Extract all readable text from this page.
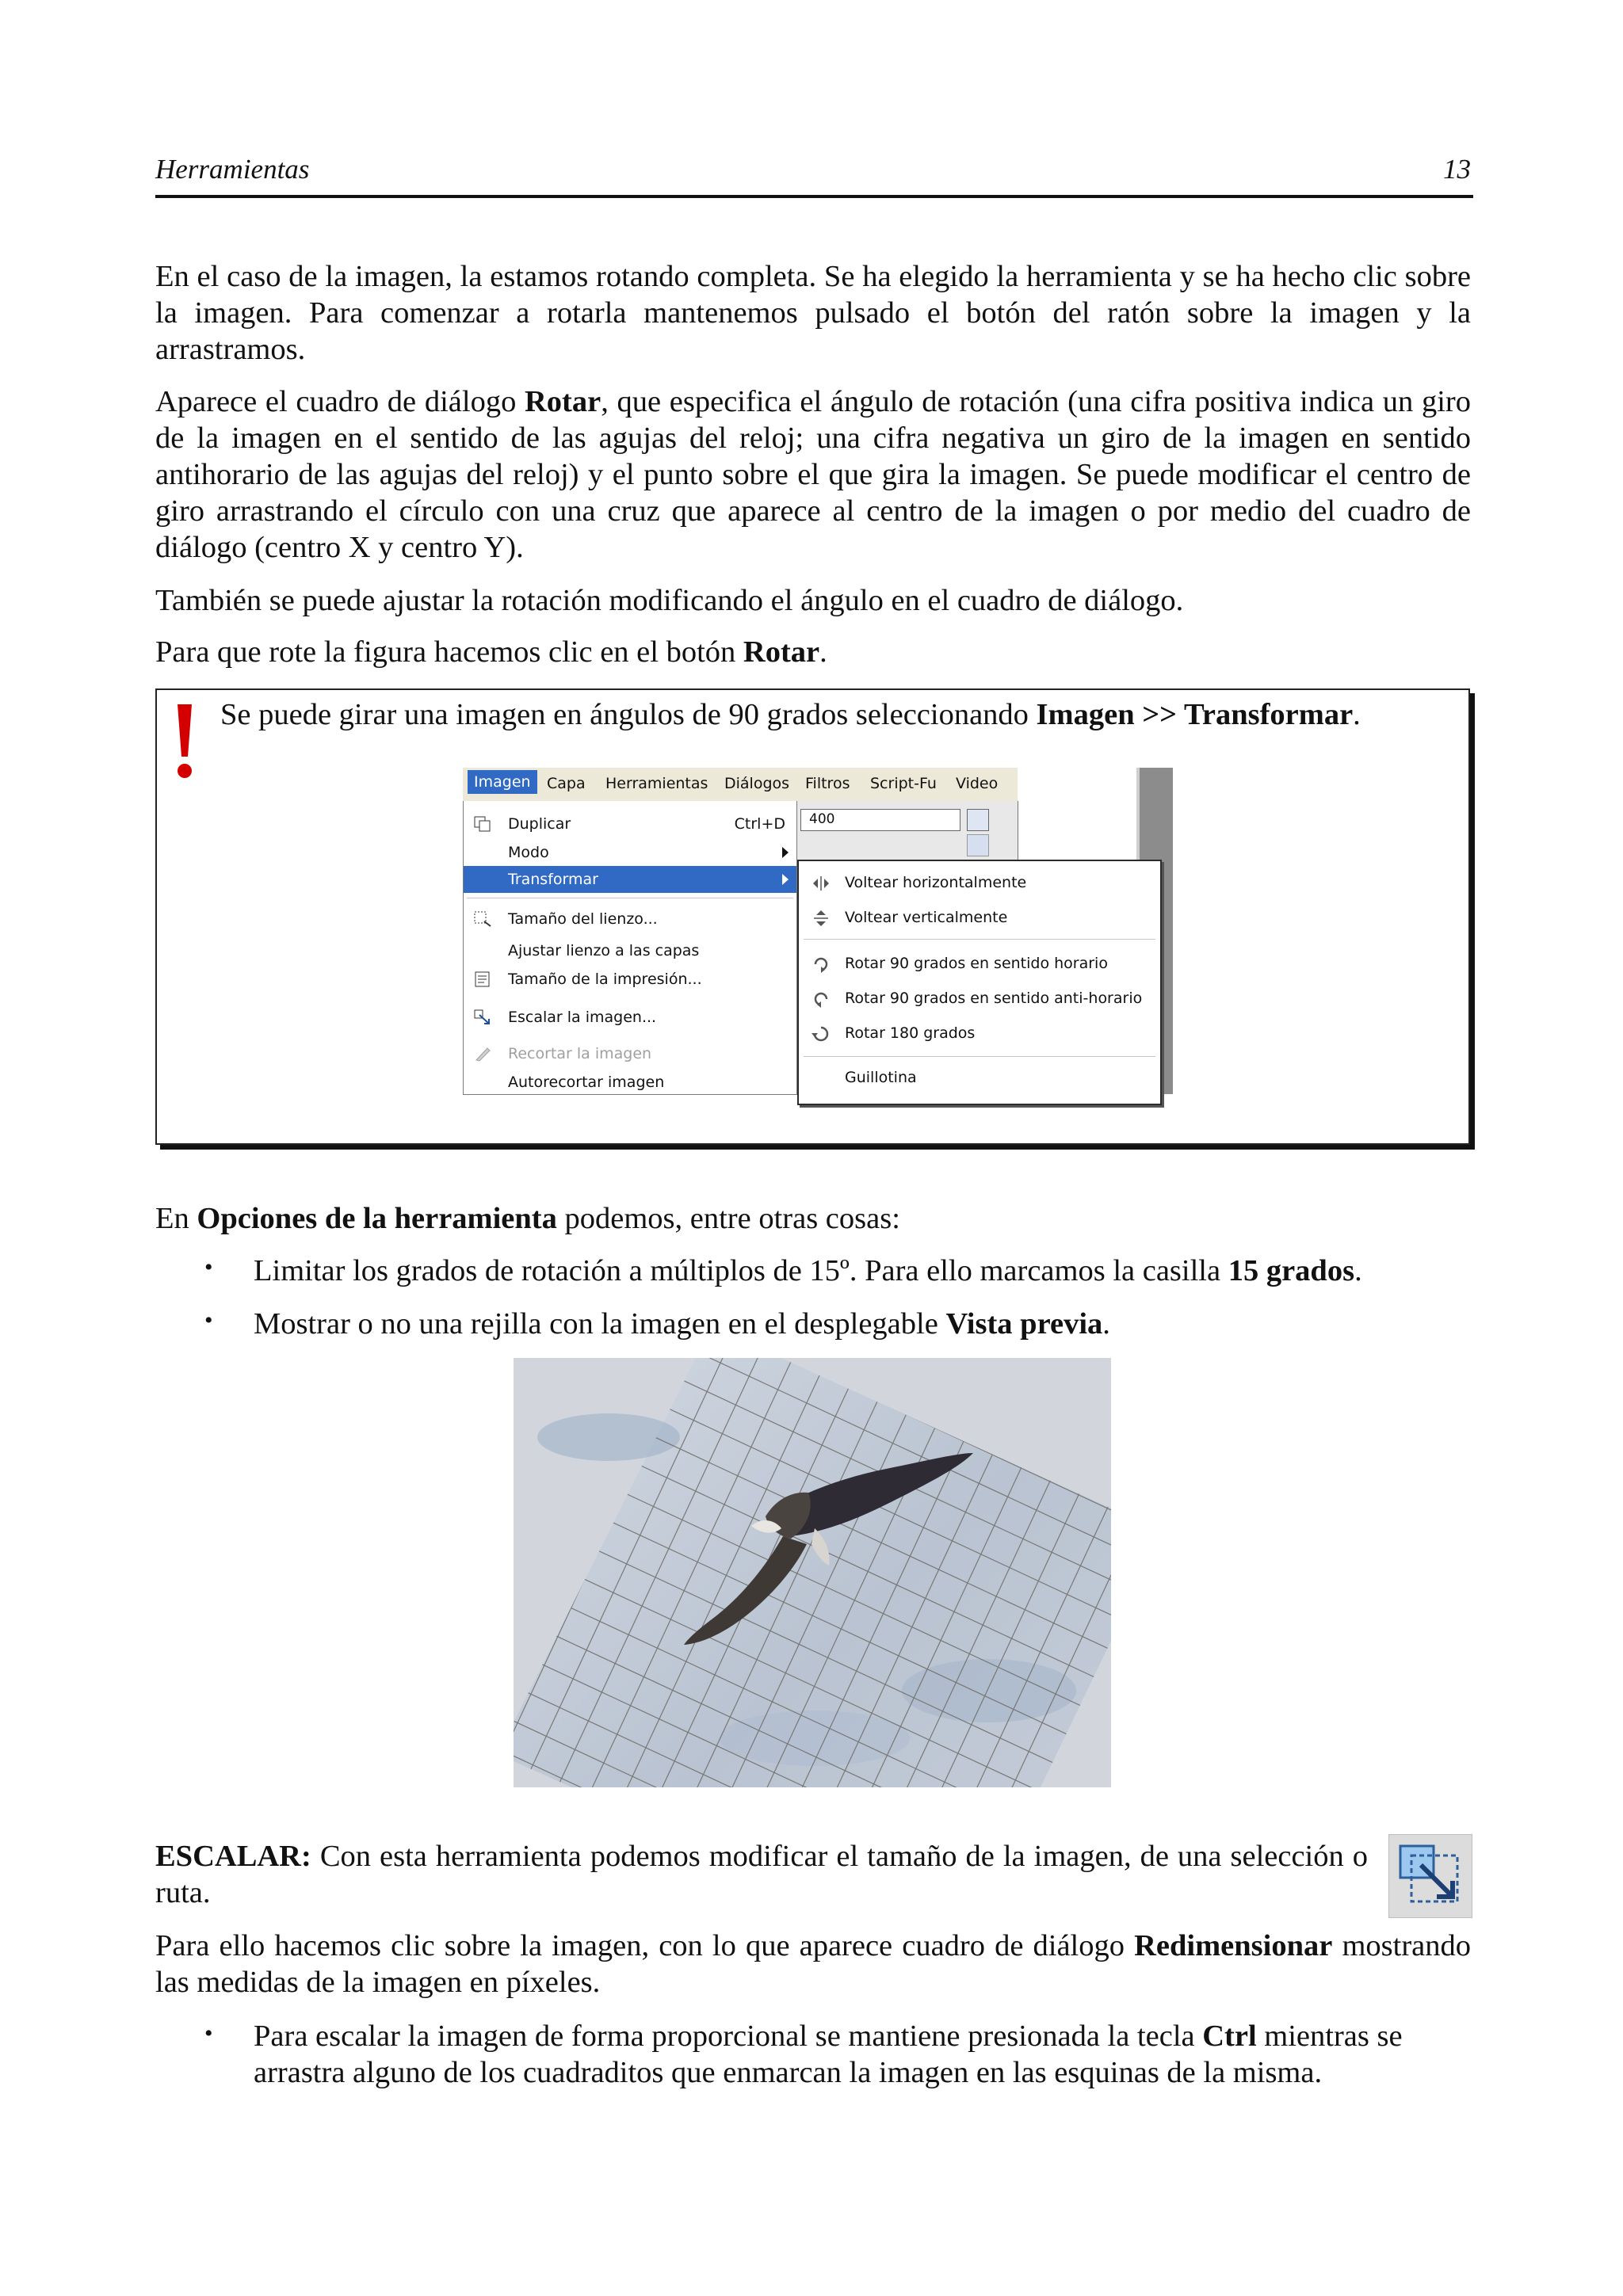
Herramientas	13
En el caso de la imagen, la estamos rotando completa. Se ha elegido la herramienta y se ha hecho clic sobre la imagen. Para comenzar a rotarla mantenemos pulsado el botón del ratón sobre la imagen y la arrastramos.
Aparece el cuadro de diálogo Rotar, que especifica el ángulo de rotación (una cifra positiva indica un giro de la imagen en el sentido de las agujas del reloj; una cifra negativa un giro de la imagen en sentido antihorario de las agujas del reloj) y el punto sobre el que gira la imagen. Se puede modificar el centro de giro arrastrando el círculo con una cruz que aparece al centro de la imagen o por medio del cuadro de diálogo (centro X y centro Y).
También se puede ajustar la rotación modificando el ángulo en el cuadro de diálogo.
Para que rote la figura hacemos clic en el botón Rotar.
Se puede girar una imagen en ángulos de 90 grados seleccionando Imagen >> Transformar.
Imagen	Capa Herramientas Diálogos Filtros Script-Fu Video
400
Duplicar	Ctrl+D
Modo
Transformar
Tamaño del lienzo...
Ajustar lienzo a las capas
Tamaño de la impresión...
Escalar la imagen...
Recortar la imagen
Autorecortar imagen
Voltear horizontalmente
Voltear verticalmente
Rotar 90 grados en sentido horario
Rotar 90 grados en sentido anti-horario
Rotar 180 grados
Guillotina
En Opciones de la herramienta podemos, entre otras cosas:
• Limitar los grados de rotación a múltiplos de 15º. Para ello marcamos la casilla 15 grados.
• Mostrar o no una rejilla con la imagen en el desplegable Vista previa.
ESCALAR: Con esta herramienta podemos modificar el tamaño de la imagen, de una selección o ruta.
Para ello hacemos clic sobre la imagen, con lo que aparece cuadro de diálogo Redimensionar mostrando las medidas de la imagen en píxeles.
• Para escalar la imagen de forma proporcional se mantiene presionada la tecla Ctrl mientras se arrastra alguno de los cuadraditos que enmarcan la imagen en las esquinas de la misma.
